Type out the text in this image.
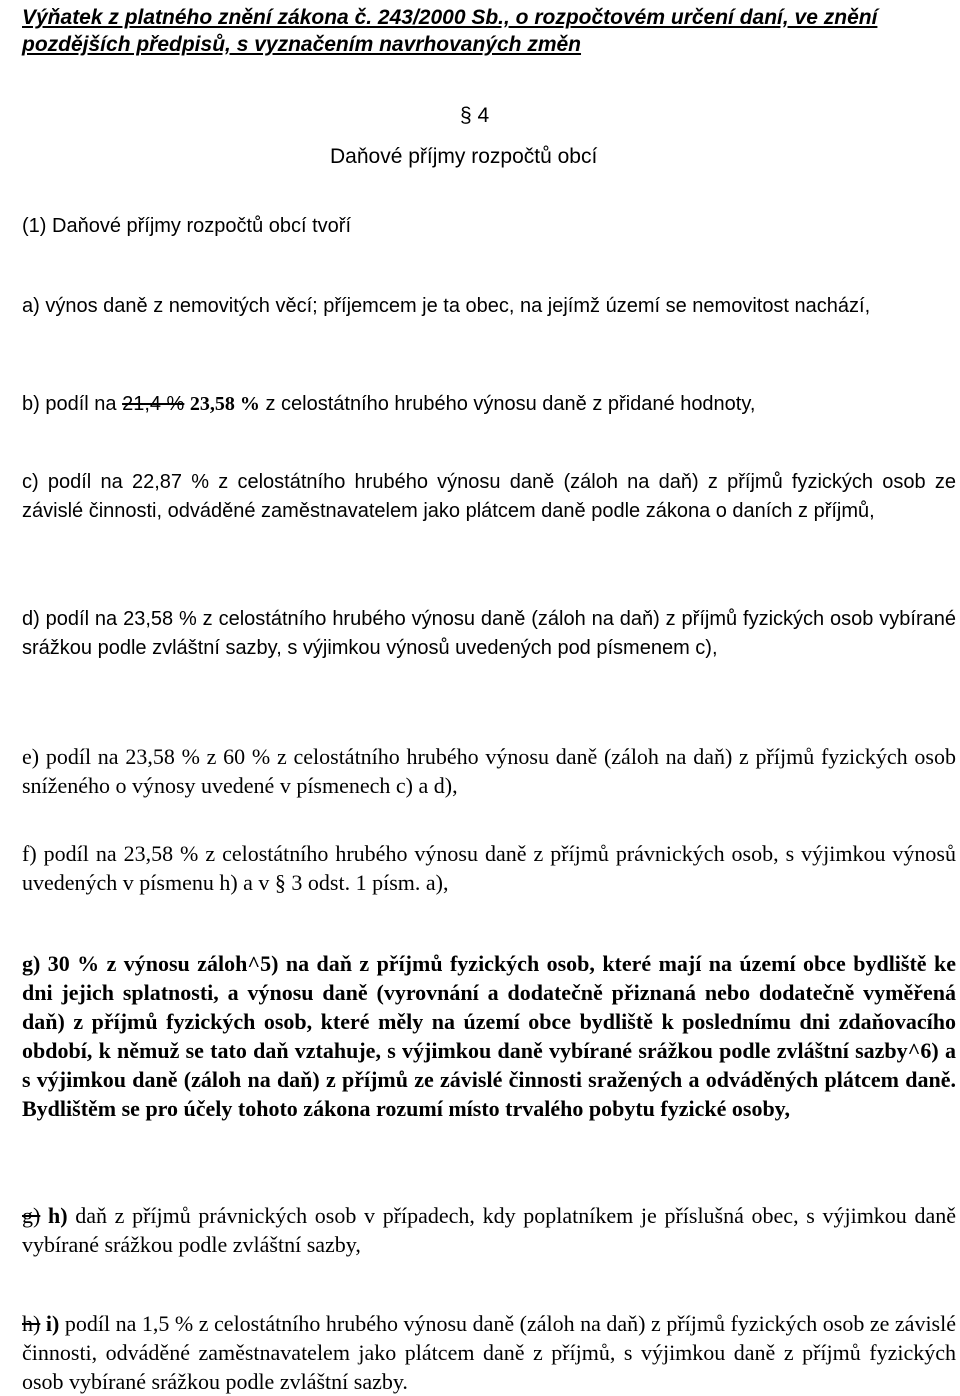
Výňatek z platného znění zákona č. 243/2000 Sb., o rozpočtovém určení daní, ve znění
pozdějších předpisů, s vyznačením navrhovaných změn
§ 4
Daňové příjmy rozpočtů obcí

(1) Daňové příjmy rozpočtů obcí tvoří

a) výnos daně z nemovitých věcí; příjemcem je ta obec, na jejímž území se nemovitost nachází,

b) podíl na 21,4 % 23,58 % z celostátního hrubého výnosu daně z přidané hodnoty,

c) podíl na 22,87 % z celostátního hrubého výnosu daně (záloh na daň) z příjmů fyzických osob ze závislé činnosti, odváděné zaměstnavatelem jako plátcem daně podle zákona o daních z příjmů,

d) podíl na 23,58 % z celostátního hrubého výnosu daně (záloh na daň) z příjmů fyzických osob vybírané srážkou podle zvláštní sazby, s výjimkou výnosů uvedených pod písmenem c),

e) podíl na 23,58 % z 60 % z celostátního hrubého výnosu daně (záloh na daň) z příjmů fyzických osob sníženého o výnosy uvedené v písmenech c) a d),

f) podíl na 23,58 % z celostátního hrubého výnosu daně z příjmů právnických osob, s výjimkou výnosů uvedených v písmenu h) a v § 3 odst. 1 písm. a),

g) 30 % z výnosu záloh^5) na daň z příjmů fyzických osob, které mají na území obce bydliště ke dni jejich splatnosti, a výnosu daně (vyrovnání a dodatečně přiznaná nebo dodatečně vyměřená daň) z příjmů fyzických osob, které měly na území obce bydliště k poslednímu dni zdaňovacího období, k němuž se tato daň vztahuje, s výjimkou daně vybírané srážkou podle zvláštní sazby^6) a s výjimkou daně (záloh na daň) z příjmů ze závislé činnosti sražených a odváděných plátcem daně. Bydlištěm se pro účely tohoto zákona rozumí místo trvalého pobytu fyzické osoby,

g) h) daň z příjmů právnických osob v případech, kdy poplatníkem je příslušná obec, s výjimkou daně vybírané srážkou podle zvláštní sazby,

h) i) podíl na 1,5 % z celostátního hrubého výnosu daně (záloh na daň) z příjmů fyzických osob ze závislé činnosti, odváděné zaměstnavatelem jako plátcem daně z příjmů, s výjimkou daně z příjmů fyzických osob vybírané srážkou podle zvláštní sazby.
